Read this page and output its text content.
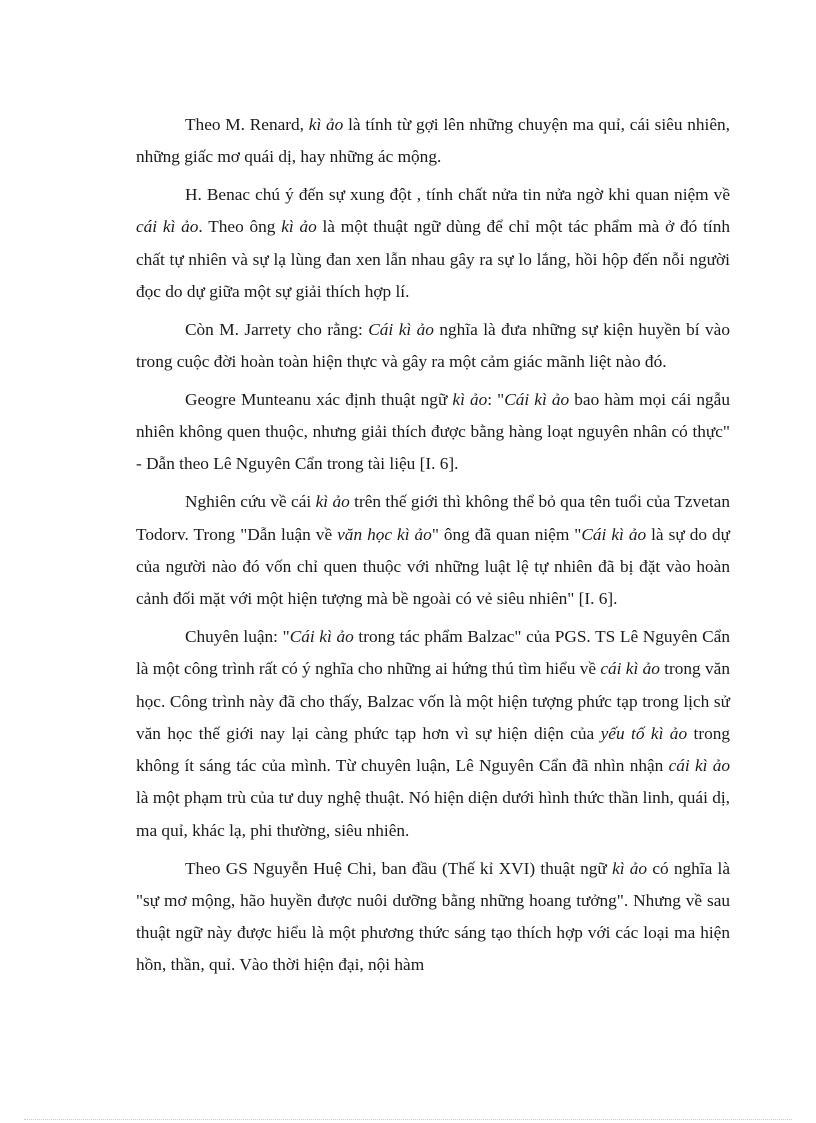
Theo M. Renard, kì ảo là tính từ gợi lên những chuyện ma quỉ, cái siêu nhiên, những giấc mơ quái dị, hay những ác mộng.

H. Benac chú ý đến sự xung đột , tính chất nửa tin nửa ngờ khi quan niệm về cái kì ảo. Theo ông kì ảo là một thuật ngữ dùng để chỉ một tác phẩm mà ở đó tính chất tự nhiên và sự lạ lùng đan xen lẫn nhau gây ra sự lo lắng, hồi hộp đến nỗi người đọc do dự giữa một sự giải thích hợp lí.

Còn M. Jarrety cho rằng: Cái kì ảo nghĩa là đưa những sự kiện huyền bí vào trong cuộc đời hoàn toàn hiện thực và gây ra một cảm giác mãnh liệt nào đó.

Geogre Munteanu xác định thuật ngữ kì ảo: "Cái kì ảo bao hàm mọi cái ngẫu nhiên không quen thuộc, nhưng giải thích được bằng hàng loạt nguyên nhân có thực" - Dẫn theo Lê Nguyên Cẩn trong tài liệu [I. 6].

Nghiên cứu về cái kì ảo trên thế giới thì không thể bỏ qua tên tuổi của Tzvetan Todorv. Trong "Dẫn luận về văn học kì ảo" ông đã quan niệm "Cái kì ảo là sự do dự của người nào đó vốn chỉ quen thuộc với những luật lệ tự nhiên đã bị đặt vào hoàn cảnh đối mặt với một hiện tượng mà bề ngoài có vẻ siêu nhiên" [I. 6].

Chuyên luận: "Cái kì ảo trong tác phẩm Balzac" của PGS. TS Lê Nguyên Cẩn là một công trình rất có ý nghĩa cho những ai hứng thú tìm hiểu về cái kì ảo trong văn học. Công trình này đã cho thấy, Balzac vốn là một hiện tượng phức tạp trong lịch sử văn học thế giới nay lại càng phức tạp hơn vì sự hiện diện của yếu tố kì ảo trong không ít sáng tác của mình. Từ chuyên luận, Lê Nguyên Cẩn đã nhìn nhận cái kì ảo là một phạm trù của tư duy nghệ thuật. Nó hiện diện dưới hình thức thần linh, quái dị, ma quỉ, khác lạ, phi thường, siêu nhiên.

Theo GS Nguyễn Huệ Chi, ban đầu (Thế kỉ XVI) thuật ngữ kì ảo có nghĩa là "sự mơ mộng, hão huyền được nuôi dưỡng bằng những hoang tưởng". Nhưng về sau thuật ngữ này được hiểu là một phương thức sáng tạo thích hợp với các loại ma hiện hồn, thần, quỉ. Vào thời hiện đại, nội hàm
